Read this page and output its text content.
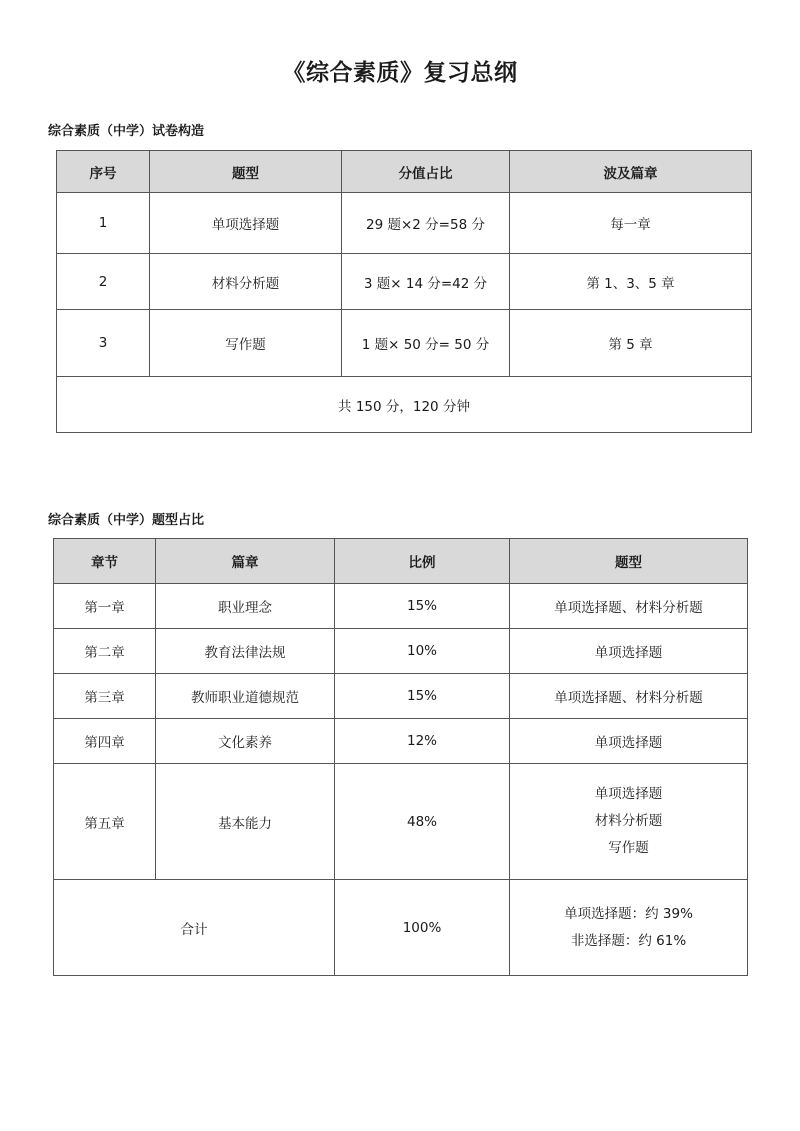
《综合素质》复习总纲
综合素质（中学）试卷构造
序号	题型	分值占比	波及篇章
1	单项选择题	29 题×2 分=58 分	每一章
2	材料分析题	3 题× 14 分=42 分	第 1、3、5 章
3	写作题	1 题× 50 分= 50 分	第 5 章
共 150 分，120 分钟			
综合素质（中学）题型占比
章节	篇章	比例	题型
第一章	职业理念	15%	单项选择题、材料分析题
第二章	教育法律法规	10%	单项选择题
第三章	教师职业道德规范	15%	单项选择题、材料分析题
第四章	文化素养	12%	单项选择题
第五章	基本能力	48%	单项选择题
材料分析题
写作题

合计		100%	单项选择题：约 39%
非选择题：约 61%
